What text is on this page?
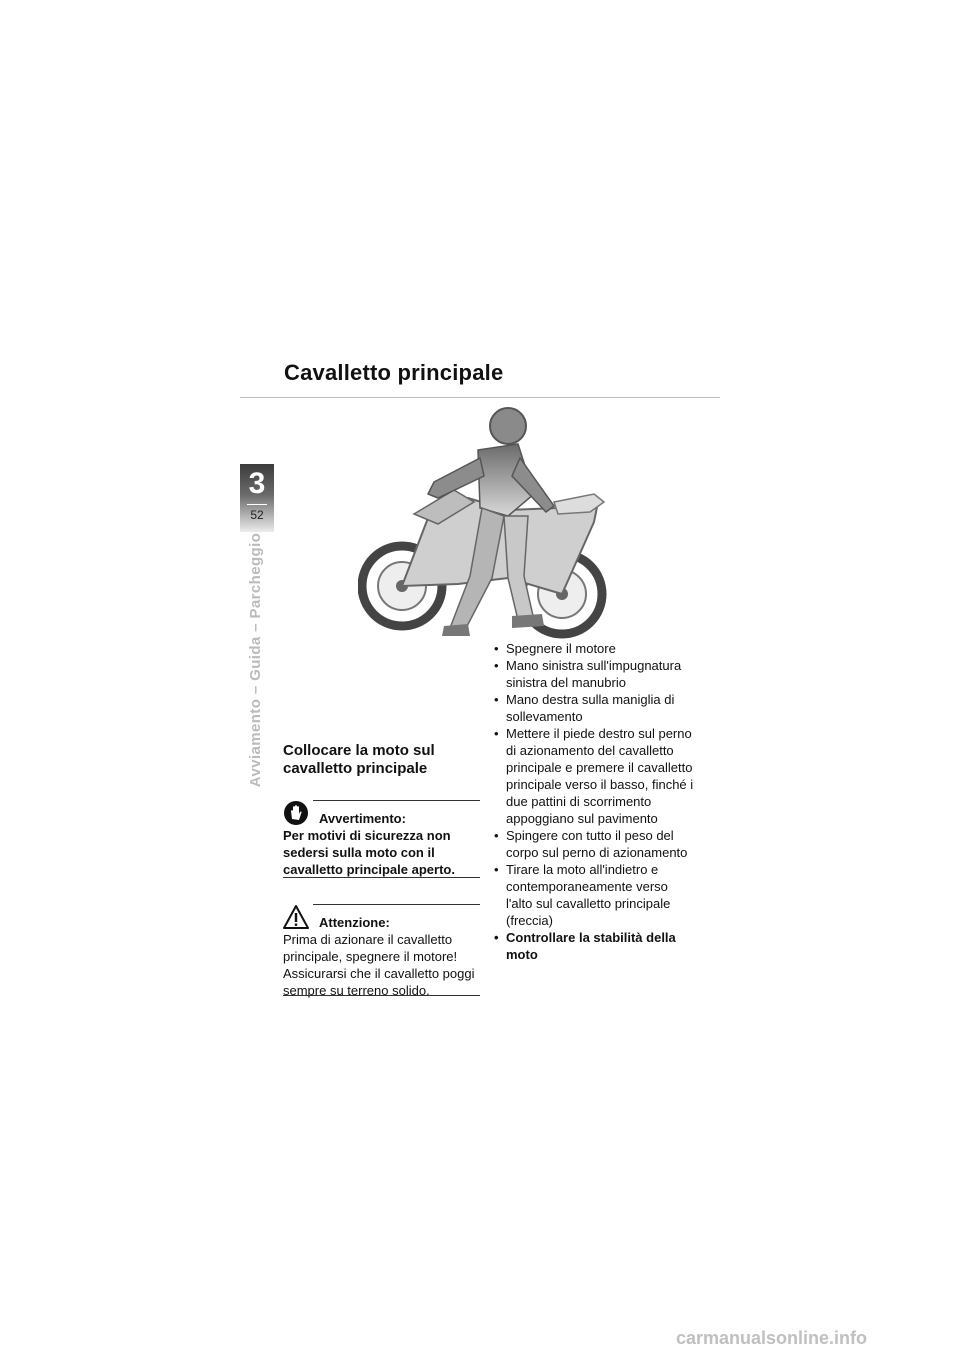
Cavalletto principale
3
52
Avviamento – Guida – Parcheggio Collocare la moto sul cavalletto principale
Avvertimento:
Per motivi di sicurezza non sedersi sulla moto con il cavalletto principale aperto.
Attenzione:
Prima di azionare il cavalletto principale, spegnere il motore! Assicurarsi che il cavalletto poggi sempre su terreno solido.
• Spegnere il motore
• Mano sinistra sull'impugnatura sinistra del manubrio
• Mano destra sulla maniglia di sollevamento
• Mettere il piede destro sul perno di azionamento del cavalletto principale e premere il cavalletto principale verso il basso, finché i due pattini di scorrimento appoggiano sul pavimento
• Spingere con tutto il peso del corpo sul perno di azionamento
• Tirare la moto all'indietro e contemporaneamente verso l'alto sul cavalletto principale (freccia)
• Controllare la stabilità della moto
carmanualsonline.info
